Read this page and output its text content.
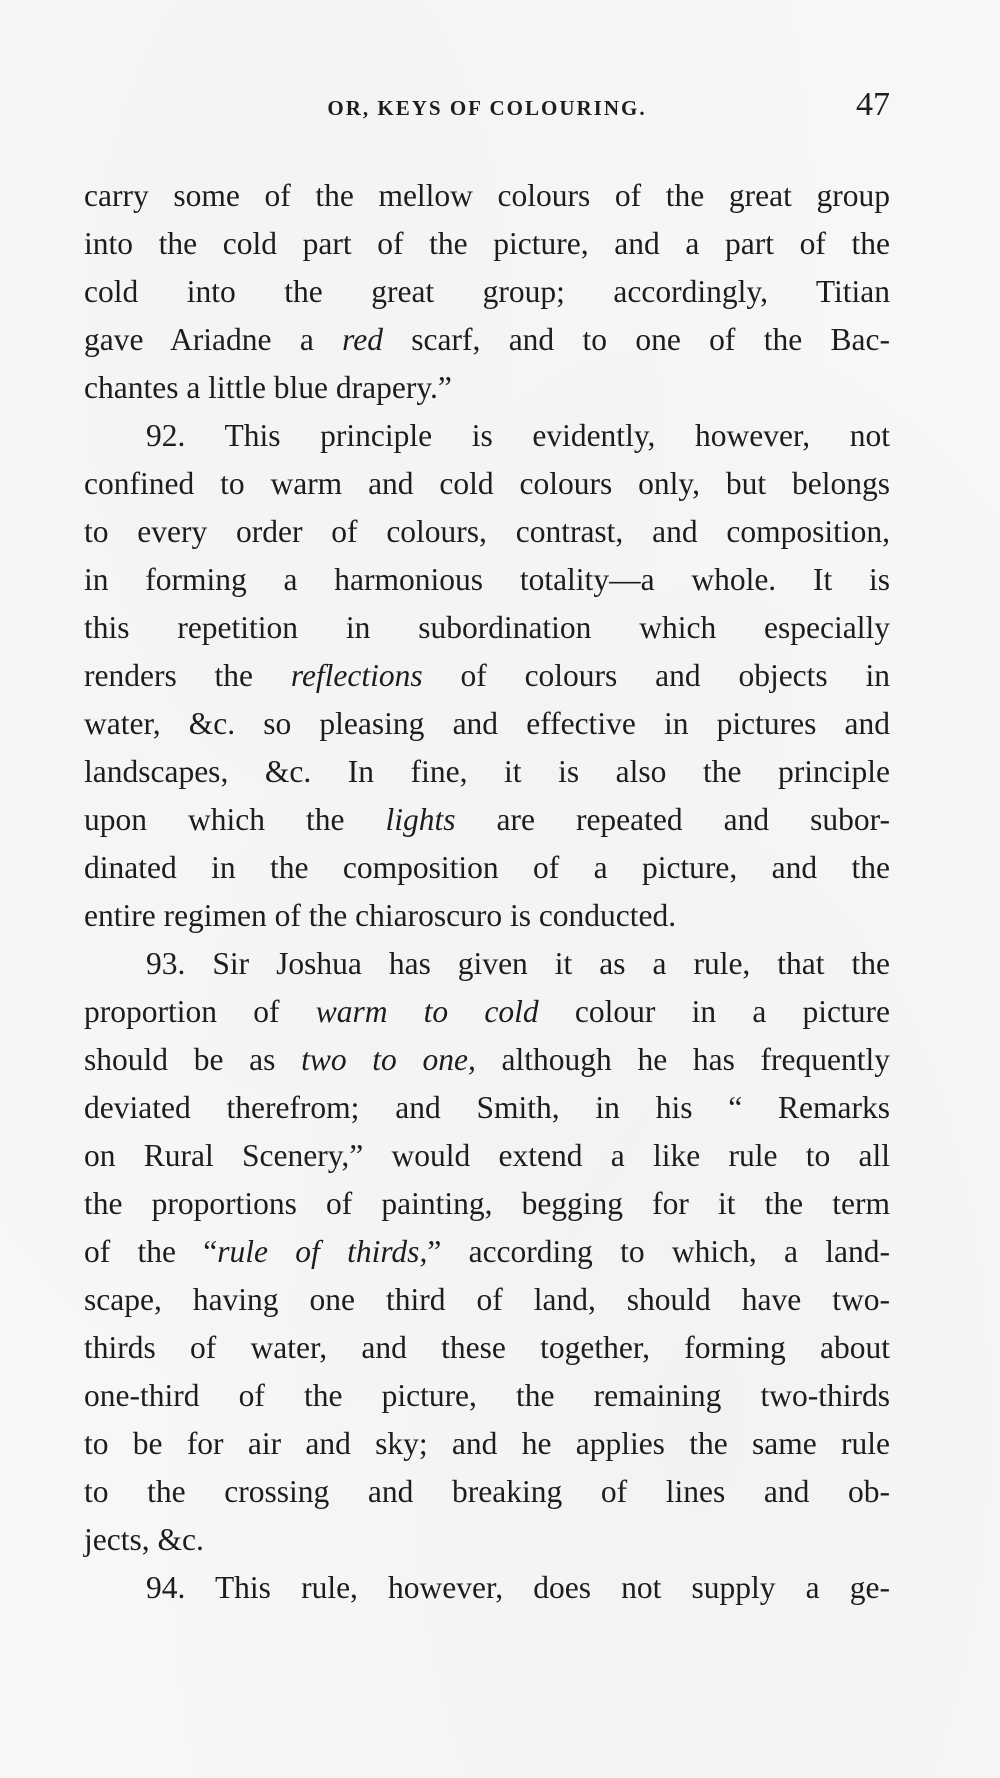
OR, KEYS OF COLOURING.	47
carry some of the mellow colours of the great group
into the cold part of the picture, and a part of the
cold into the great group; accordingly, Titian
gave Ariadne a red scarf, and to one of the Bac-
chantes a little blue drapery.”
92. This principle is evidently, however, not
confined to warm and cold colours only, but belongs
to every order of colours, contrast, and composition,
in forming a harmonious totality—a whole. It is
this repetition in subordination which especially
renders the reflections of colours and objects in
water, &c. so pleasing and effective in pictures and
landscapes, &c. In fine, it is also the principle
upon which the lights are repeated and subor-
dinated in the composition of a picture, and the
entire regimen of the chiaroscuro is conducted.
93. Sir Joshua has given it as a rule, that the
proportion of warm to cold colour in a picture
should be as two to one, although he has frequently
deviated therefrom; and Smith, in his “ Remarks
on Rural Scenery,” would extend a like rule to all
the proportions of painting, begging for it the term
of the “rule of thirds,” according to which, a land-
scape, having one third of land, should have two-
thirds of water, and these together, forming about
one-third of the picture, the remaining two-thirds
to be for air and sky; and he applies the same rule
to the crossing and breaking of lines and ob-
jects, &c.
94. This rule, however, does not supply a ge-
